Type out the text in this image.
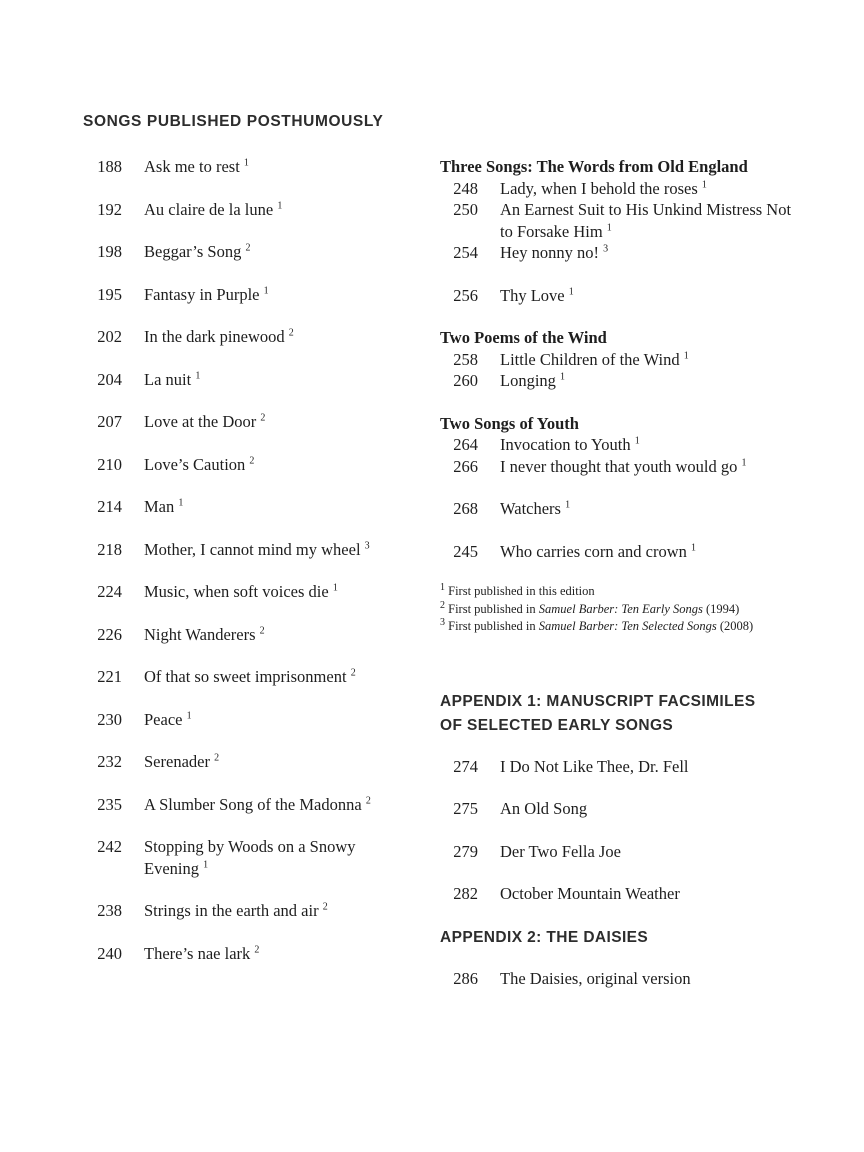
SONGS PUBLISHED POSTHUMOUSLY
188 Ask me to rest $^1$
192 Au claire de la lune $^1$
198 Beggar’s Song $^2$
195 Fantasy in Purple $^1$
202 In the dark pinewood $^2$
204 La nuit $^1$
207 Love at the Door $^2$
210 Love’s Caution $^2$
214 Man $^1$
218 Mother, I cannot mind my wheel $^3$
224 Music, when soft voices die $^1$
226 Night Wanderers $^2$
221 Of that so sweet imprisonment $^2$
230 Peace $^1$
232 Serenader $^2$
235 A Slumber Song of the Madonna $^2$
242 Stopping by Woods on a Snowy Evening $^1$
238 Strings in the earth and air $^2$
240 There’s nae lark $^2$
Three Songs: The Words from Old England
248 Lady, when I behold the roses $^1$
250 An Earnest Suit to His Unkind Mistress Not to Forsake Him $^1$
254 Hey nonny no! $^3$
256 Thy Love $^1$
Two Poems of the Wind
258 Little Children of the Wind $^1$
260 Longing $^1$
Two Songs of Youth
264 Invocation to Youth $^1$
266 I never thought that youth would go $^1$
268 Watchers $^1$
245 Who carries corn and crown $^1$
$^1$ First published in this edition
$^2$ First published in Samuel Barber: Ten Early Songs (1994)
$^3$ First published in Samuel Barber: Ten Selected Songs (2008)
APPENDIX 1: MANUSCRIPT FACSIMILES OF SELECTED EARLY SONGS
274 I Do Not Like Thee, Dr. Fell
275 An Old Song
279 Der Two Fella Joe
282 October Mountain Weather
APPENDIX 2: THE DAISIES
286 The Daisies, original version
